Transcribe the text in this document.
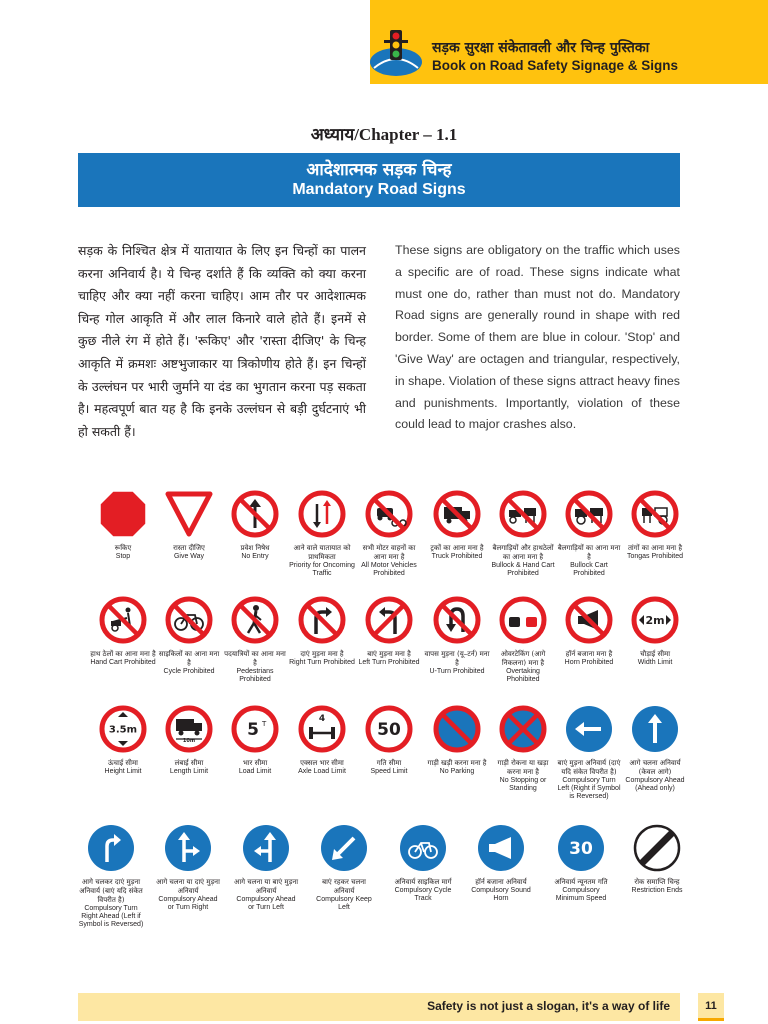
सड़क सुरक्षा संकेतावली और चिन्ह पुस्तिका
Book on Road Safety Signage & Signs
अध्याय/Chapter – 1.1
आदेशात्मक सड़क चिन्ह
Mandatory Road Signs
सड़क के निश्चित क्षेत्र में यातायात के लिए इन चिन्हों का पालन करना अनिवार्य है। ये चिन्ह दर्शाते हैं कि व्यक्ति को क्या करना चाहिए और क्या नहीं करना चाहिए। आम तौर पर आदेशात्मक चिन्ह गोल आकृति में और लाल किनारे वाले होते हैं। इनमें से कुछ नीले रंग में होते हैं। 'रूकिए' और 'रास्ता दीजिए' के चिन्ह आकृति में क्रमशः अष्टभुजाकार या त्रिकोणीय होते हैं। इन चिन्हों के उल्लंघन पर भारी जुर्माने या दंड का भुगतान करना पड़ सकता है। महत्वपूर्ण बात यह है कि इनके उल्लंघन से बड़ी दुर्घटनाएं भी हो सकती हैं।
These signs are obligatory on the traffic which uses a specific are of road. These signs indicate what must one do, rather than must not do. Mandatory Road signs are generally round in shape with red border. Some of them are blue in colour. 'Stop' and 'Give Way' are octagen and triangular, respectively, in shape. Violation of these signs attract heavy fines and punishments. Importantly, violation of these could lead to major crashes also.
रूकिए
Stop
रास्ता दीजिए
Give Way
प्रवेश निषेध
No Entry
आने वाले यातायात को प्राथमिकता
Priority for Oncoming Traffic
सभी मोटर वाहनों का आना मना है
All Motor Vehicles Prohibited
ट्रकों का आना मना है
Truck Prohibited
बैलगाड़ियों और हाथठेलों का आना मना है
Bullock & Hand Cart Prohibited
बैलगाड़ियों का आना मना है
Bullock Cart Prohibited
तांगों का आना मना है
Tongas Prohibited
हाथ ठेलों का आना मना है
Hand Cart Prohibited
साइकिलों का आना मना है
Cycle Prohibited
पदयात्रियों का आना मना है
Pedestrians Prohibited
दाएं मुड़ना मना है
Right Turn Prohibited
बाएं मुड़ना मना है
Left Turn Prohibited
वापस मुड़ना (यू–टर्न) मना है
U-Turn Prohibited
ओवरटेकिंग (आगे निकलना) मना है
Overtaking Phohibited
हॉर्न बजाना मना है
Horn Prohibited
2m
चौड़ाई सीमा
Width Limit
3.5m
ऊंचाई सीमा
Height Limit
10m
लंबाई सीमा
Length Limit
5 T
भार सीमा
Load Limit
4
एक्सल भार सीमा
Axle Load Limit
50
गति सीमा
Speed Limit
गाड़ी खड़ी करना मना है
No Parking
गाड़ी रोकना या खड़ा करना मना है
No Stopping or Standing
बाएं मुड़ना अनिवार्य (दाएं यदि संकेत विपरीत है)
Compulsory Turn Left (Right if Symbol is Reversed)
आगे चलना अनिवार्य (केवल आगे)
Compulsory Ahead (Ahead only)
आगे चलकर दाएं मुड़ना अनिवार्य (बाएं यदि संकेत विपरीत है)
Compulsory Turn Right Ahead (Left if Symbol is Reversed)
आगे चलना या दाएं मुड़ना अनिवार्य
Compulsory Ahead or Turn Right
आगे चलना या बाएं मुड़ना अनिवार्य
Compulsory Ahead or Turn Left
बाएं रहकर चलना अनिवार्य
Compulsory Keep Left
अनिवार्य साइकिल मार्ग
Compulsory Cycle Track
हॉर्न बजाना अनिवार्य
Compulsory Sound Horn
30
अनिवार्य न्यूनतम गति
Compulsory Minimum Speed
रोक समाप्ति चिन्ह
Restriction Ends
Safety is not just a slogan, it's a way of life	11
